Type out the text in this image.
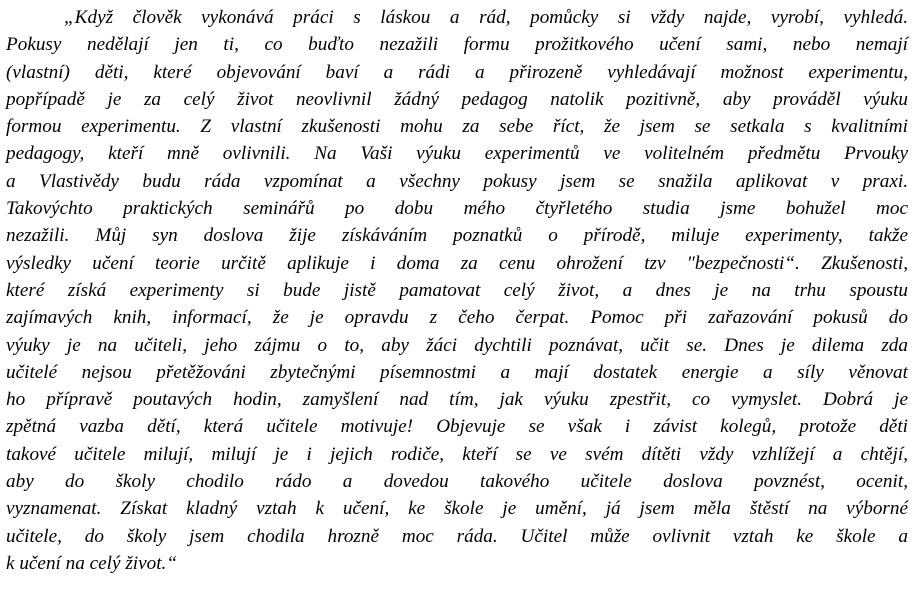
„Když člověk vykonává práci s láskou a rád, pomůcky si vždy najde, vyrobí, vyhledá.
Pokusy nedělají jen ti, co buďto nezažili formu prožitkového učení sami, nebo nemají
(vlastní) děti, které objevování baví a rádi a přirozeně vyhledávají možnost experimentu,
popřípadě je za celý život neovlivnil žádný pedagog natolik pozitivně, aby prováděl výuku
formou experimentu. Z vlastní zkušenosti mohu za sebe říct, že jsem se setkala s kvalitními
pedagogy, kteří mně ovlivnili. Na Vaši výuku experimentů ve volitelném předmětu Prvouky
a Vlastivědy budu ráda vzpomínat a všechny pokusy jsem se snažila aplikovat v praxi.
Takovýchto praktických seminářů po dobu mého čtyřletého studia jsme bohužel moc
nezažili. Můj syn doslova žije získáváním poznatků o přírodě, miluje experimenty, takže
výsledky učení teorie určitě aplikuje i doma za cenu ohrožení tzv "bezpečnosti“. Zkušenosti,
které získá experimenty si bude jistě pamatovat celý život, a dnes je na trhu spoustu
zajímavých knih, informací, že je opravdu z čeho čerpat. Pomoc při zařazování pokusů do
výuky je na učiteli, jeho zájmu o to, aby žáci dychtili poznávat, učit se. Dnes je dilema zda
učitelé nejsou přetěžováni zbytečnými písemnostmi a mají dostatek energie a síly věnovat
ho přípravě poutavých hodin, zamyšlení nad tím, jak výuku zpestřit, co vymyslet. Dobrá je
zpětná vazba dětí, která učitele motivuje! Objevuje se však i závist kolegů, protože děti
takové učitele milují, milují je i jejich rodiče, kteří se ve svém dítěti vždy vzhlížejí a chtějí,
aby do školy chodilo rádo a dovedou takového učitele doslova povznést, ocenit,
vyznamenat. Získat kladný vztah k učení, ke škole je umění, já jsem měla štěstí na výborné
učitele, do školy jsem chodila hrozně moc ráda. Učitel může ovlivnit vztah ke škole a
k učení na celý život.“
